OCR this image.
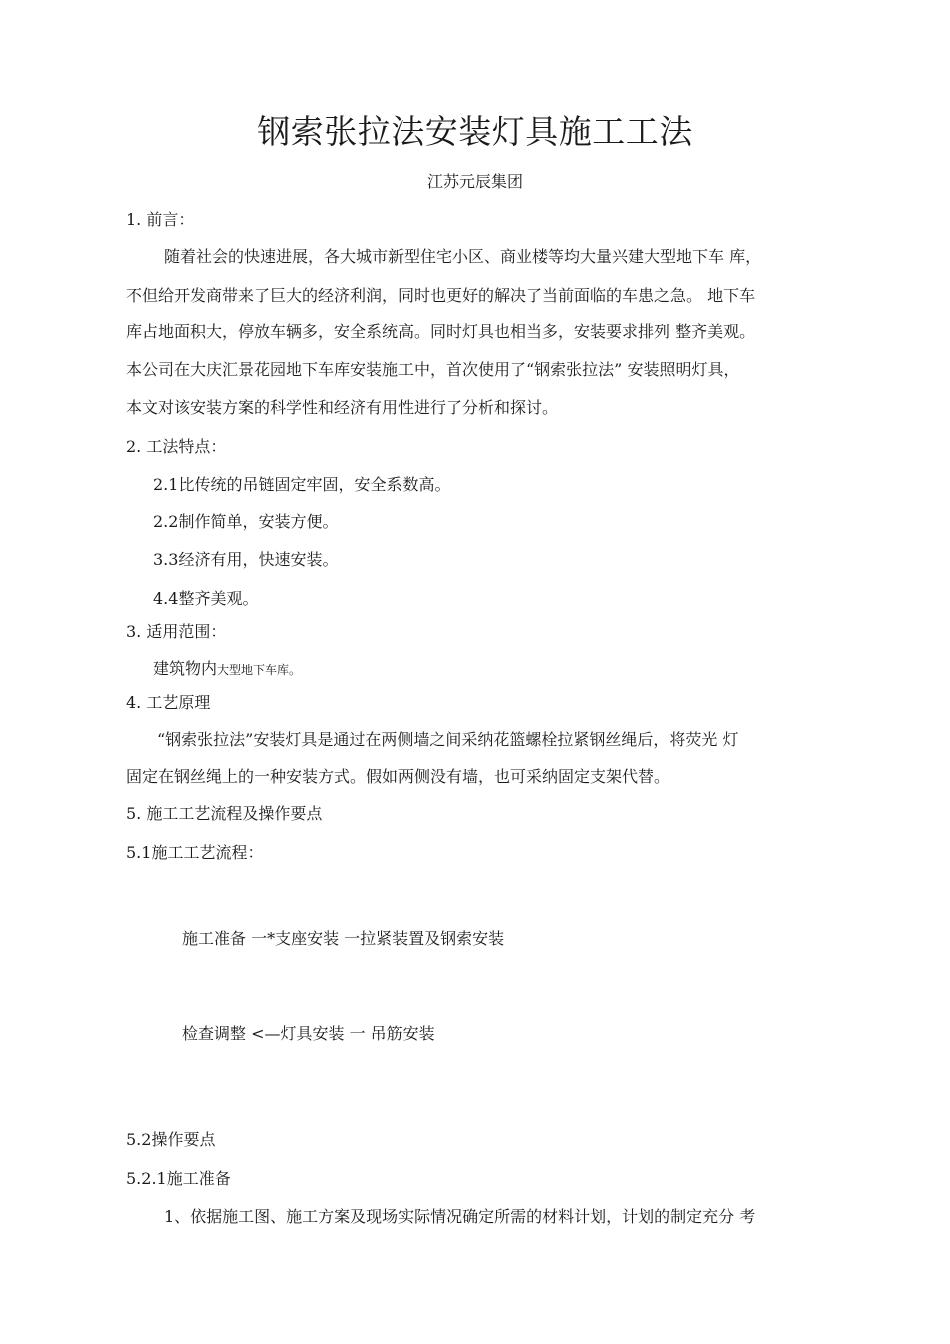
钢索张拉法安装灯具施工工法
江苏元辰集团
1. 前言：
随着社会的快速进展，各大城市新型住宅小区、商业楼等均大量兴建大型地下车 库，
不但给开发商带来了巨大的经济利润，同时也更好的解决了当前面临的车患之急。 地下车
库占地面积大，停放车辆多，安全系统高。同时灯具也相当多，安装要求排列 整齐美观。
本公司在大庆汇景花园地下车库安装施工中，首次使用了“钢索张拉法” 安装照明灯具，
本文对该安装方案的科学性和经济有用性进行了分析和探讨。
2. 工法特点：
2.1比传统的吊链固定牢固，安全系数高。
2.2制作简单，安装方便。
3.3经济有用，快速安装。
4.4整齐美观。
3. 适用范围：
建筑物内大型地下车库。
4. 工艺原理
“钢索张拉法”安装灯具是通过在两侧墙之间采纳花篮螺栓拉紧钢丝绳后，将荧光 灯
固定在钢丝绳上的一种安装方式。假如两侧没有墙，也可采纳固定支架代替。
5. 施工工艺流程及操作要点
5.1施工工艺流程：
施工准备 一*支座安装 一拉紧装置及钢索安装
检查调整 <—灯具安装 一 吊筋安装
5.2操作要点
5.2.1施工准备
1、依据施工图、施工方案及现场实际情况确定所需的材料计划，计划的制定充分 考
